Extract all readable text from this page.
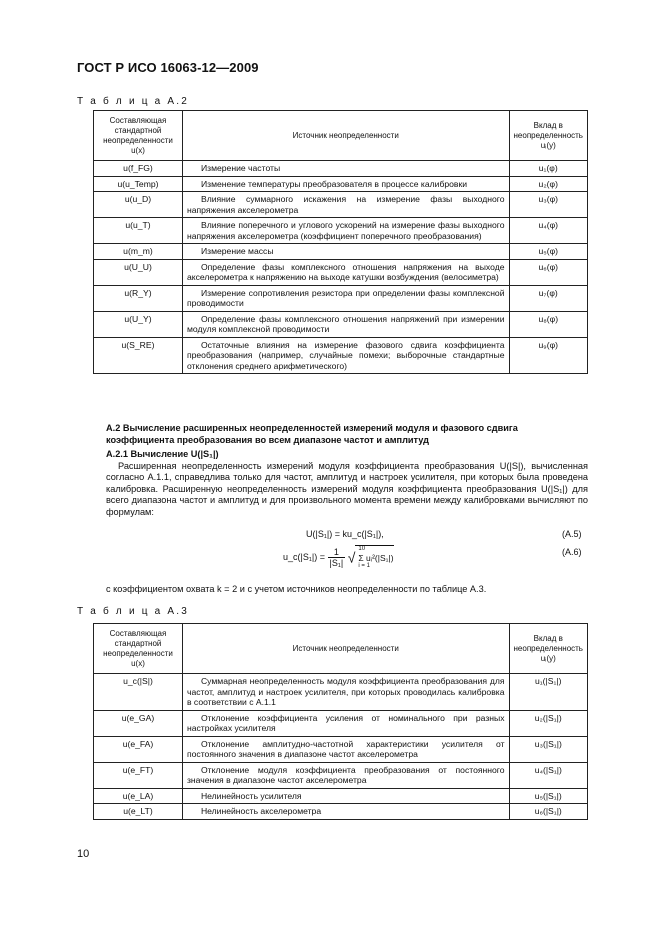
ГОСТ Р ИСО 16063-12—2009
Т а б л и ц а А.2
Составляющая стандартной неопределенности u(x)	Источник неопределенности	Вклад в неопределенность uᵢ(y)
u(f_FG)	Измерение частоты	u₁(φ)
u(u_Temp)	Изменение температуры преобразователя в процессе калибровки	u₂(φ)
u(u_D)	Влияние суммарного искажения на измерение фазы выходного напряжения акселерометра	u₃(φ)
u(u_T)	Влияние поперечного и углового ускорений на измерение фазы выходного напряжения акселерометра (коэффициент поперечного преобразования)	u₄(φ)
u(m_m)	Измерение массы	u₅(φ)
u(U_U)	Определение фазы комплексного отношения напряжения на выходе акселерометра к напряжению на выходе катушки возбуждения (велосиметра)	u₆(φ)
u(R_Y)	Измерение сопротивления резистора при определении фазы комплексной проводимости	u₇(φ)
u(U_Y)	Определение фазы комплексного отношения напряжений при измерении модуля комплексной проводимости	u₈(φ)
u(S_RE)	Остаточные влияния на измерение фазового сдвига коэффициента преобразования (например, случайные помехи; выборочные стандартные отклонения среднего арифметического)	u₉(φ)
А.2 Вычисление расширенных неопределенностей измерений модуля и фазового сдвига коэффициента преобразования во всем диапазоне частот и амплитуд
А.2.1 Вычисление U(|S₁|)
Расширенная неопределенность измерений модуля коэффициента преобразования U(|S|), вычисленная согласно А.1.1, справедлива только для частот, амплитуд и настроек усилителя, при которых была проведена калибровка. Расширенную неопределенность измерений модуля коэффициента преобразования U(|S₁|) для всего диапазона частот и амплитуд и для произвольного момента времени между калибровками вычисляют по формулам:
U(|S₁|) = ku_c(|S₁|),	(А.5)
u_c(|S₁|) = $\frac{1}{\text{|S₁|}}$ √
10
Σ uᵢ²(|S₁|)
i = 1
(А.6)
с коэффициентом охвата k = 2 и с учетом источников неопределенности по таблице А.3.
Т а б л и ц а А.3
Составляющая стандартной неопределенности u(x)	Источник неопределенности	Вклад в неопределенность uᵢ(y)
u_c(|S|)	Суммарная неопределенность модуля коэффициента преобразования для частот, амплитуд и настроек усилителя, при которых проводилась калибровка в соответствии с А.1.1	u₁(|S₁|)
u(e_GA)	Отклонение коэффициента усиления от номинального при разных настройках усилителя	u₂(|S₁|)
u(e_FA)	Отклонение амплитудно-частотной характеристики усилителя от постоянного значения в диапазоне частот акселерометра	u₃(|S₁|)
u(e_FT)	Отклонение модуля коэффициента преобразования от постоянного значения в диапазоне частот акселерометра	u₄(|S₁|)
u(e_LA)	Нелинейность усилителя	u₅(|S₁|)
u(e_LT)	Нелинейность акселерометра	u₆(|S₁|)
10
